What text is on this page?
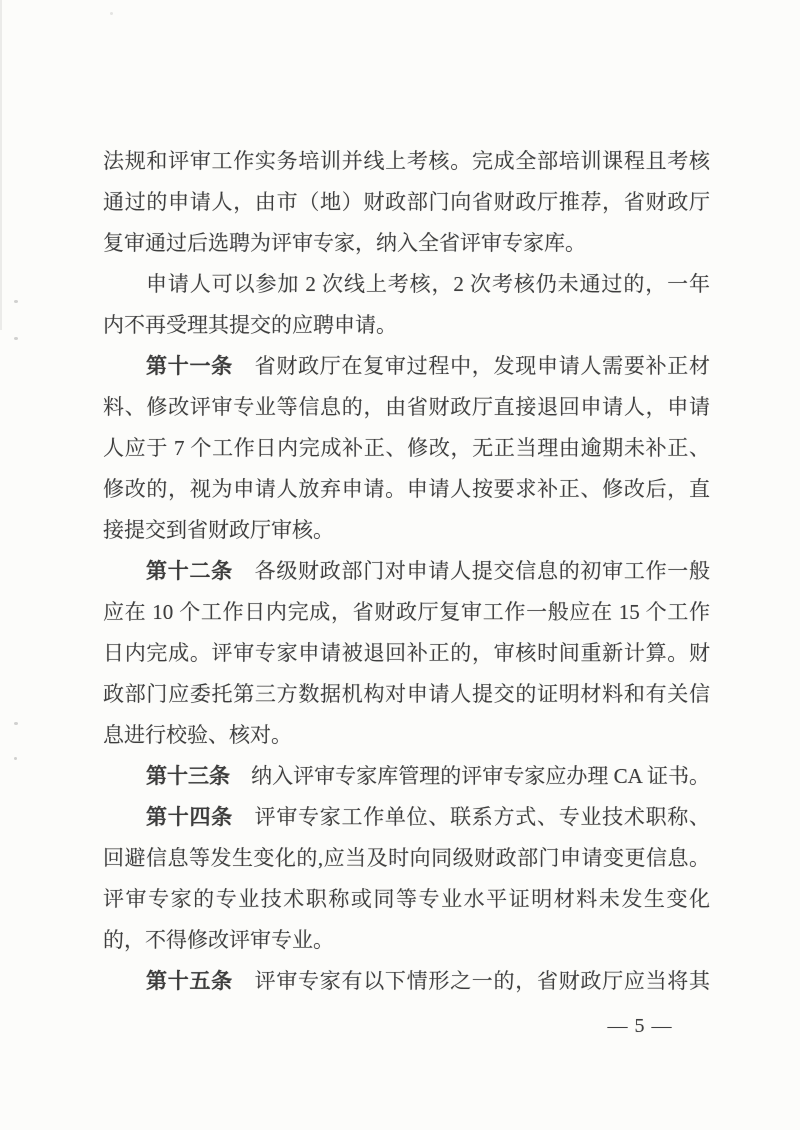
法规和评审工作实务培训并线上考核。完成全部培训课程且考核
通过的申请人，由市（地）财政部门向省财政厅推荐，省财政厅
复审通过后选聘为评审专家，纳入全省评审专家库。
申请人可以参加 2 次线上考核，2 次考核仍未通过的，一年
内不再受理其提交的应聘申请。
第十一条　省财政厅在复审过程中，发现申请人需要补正材
料、修改评审专业等信息的，由省财政厅直接退回申请人，申请
人应于 7 个工作日内完成补正、修改，无正当理由逾期未补正、
修改的，视为申请人放弃申请。申请人按要求补正、修改后，直
接提交到省财政厅审核。
第十二条　各级财政部门对申请人提交信息的初审工作一般
应在 10 个工作日内完成，省财政厅复审工作一般应在 15 个工作
日内完成。评审专家申请被退回补正的，审核时间重新计算。财
政部门应委托第三方数据机构对申请人提交的证明材料和有关信
息进行校验、核对。
第十三条　纳入评审专家库管理的评审专家应办理 CA 证书。
第十四条　评审专家工作单位、联系方式、专业技术职称、
回避信息等发生变化的,应当及时向同级财政部门申请变更信息。
评审专家的专业技术职称或同等专业水平证明材料未发生变化
的，不得修改评审专业。
第十五条　评审专家有以下情形之一的，省财政厅应当将其
— 5 —
